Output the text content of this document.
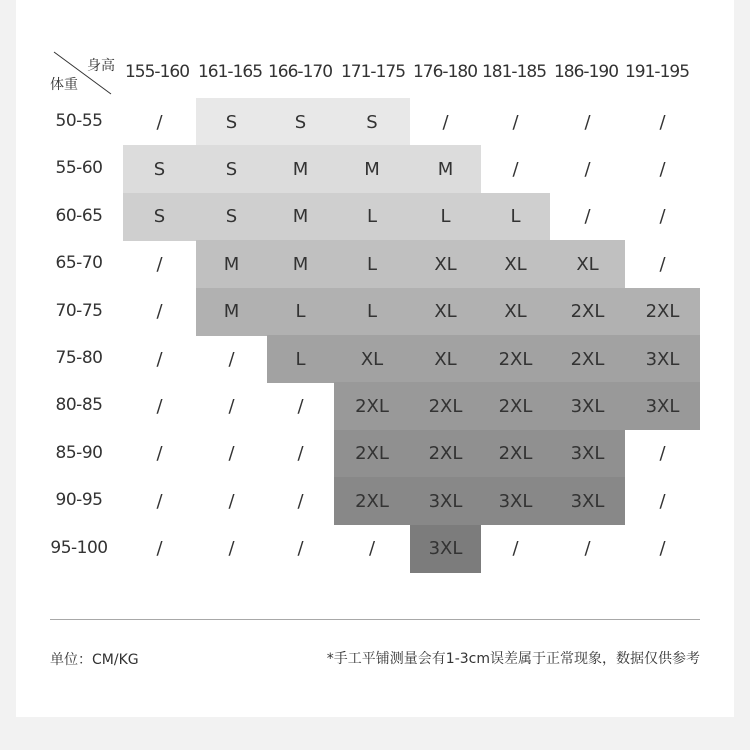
身高
体重
155-160 161-165 166-170 171-175 176-180 181-185 186-190 191-195
50-55	/	S	S	S	/	/	/	/
55-60	S	S	M	M	M	/	/	/
60-65	S	S	M	L	L	L	/	/
65-70	/	M	M	L	XL	XL	XL	/
70-75	/	M	L	L	XL	XL	2XL	2XL
75-80	/	/	L	XL	XL	2XL	2XL	3XL
80-85	/	/	/	2XL	2XL	2XL	3XL	3XL
85-90	/	/	/	2XL	2XL	2XL	3XL	/
90-95	/	/	/	2XL	3XL	3XL	3XL	/
95-100	/	/	/	/	3XL	/	/	/
单位：CM/KG	*手工平铺测量会有1-3cm误差属于正常现象，数据仅供参考
